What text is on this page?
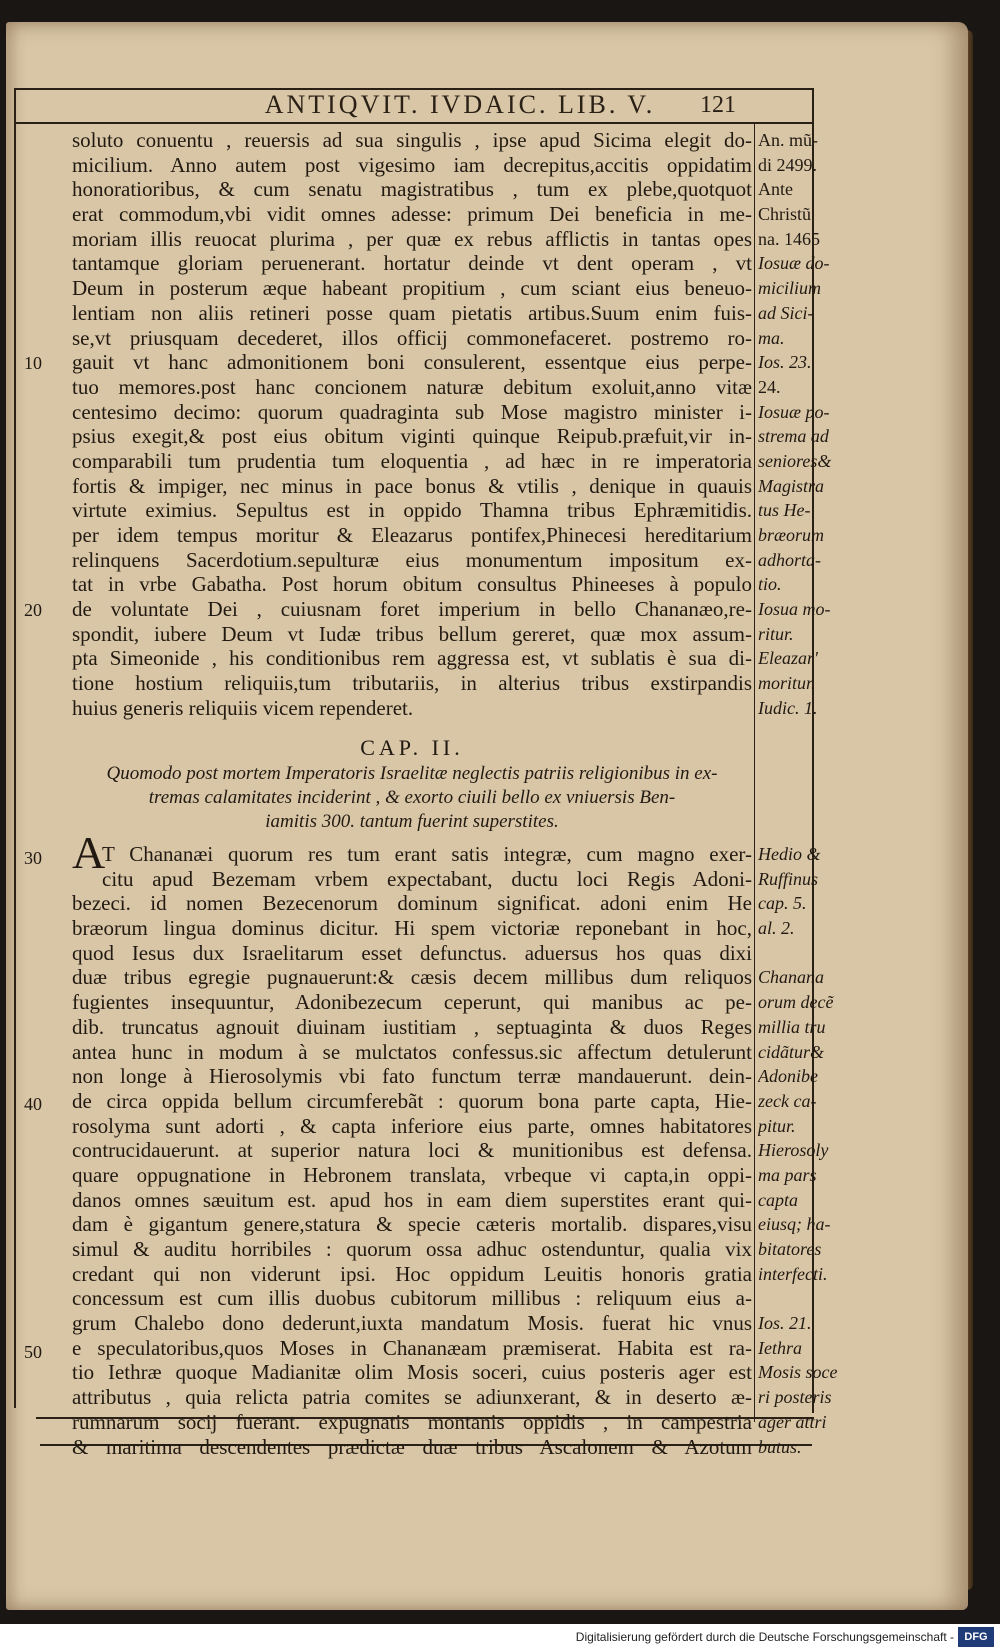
ANTIQVIT. IVDAIC. LIB. V.	121
10
20
30
40
50
soluto conuentu , reuersis ad sua singulis , ipse apud Sicima elegit do-
micilium. Anno autem post vigesimo iam decrepitus,accitis oppidatim
honoratioribus, & cum senatu magistratibus , tum ex plebe,quotquot
erat commodum,vbi vidit omnes adesse: primum Dei beneficia in me-
moriam illis reuocat plurima , per quæ ex rebus afflictis in tantas opes
tantamque gloriam peruenerant. hortatur deinde vt dent operam , vt
Deum in posterum æque habeant propitium , cum sciant eius beneuo-
lentiam non aliis retineri posse quam pietatis artibus.Suum enim fuis-
se,vt priusquam decederet, illos officij commonefaceret. postremo ro-
gauit vt hanc admonitionem boni consulerent, essentque eius perpe-
tuo memores.post hanc concionem naturæ debitum exoluit,anno vitæ
centesimo decimo: quorum quadraginta sub Mose magistro minister i-
psius exegit,& post eius obitum viginti quinque Reipub.præfuit,vir in-
comparabili tum prudentia tum eloquentia , ad hæc in re imperatoria
fortis & impiger, nec minus in pace bonus & vtilis , denique in quauis
virtute eximius. Sepultus est in oppido Thamna tribus Ephræmitidis.
per idem tempus moritur & Eleazarus pontifex,Phinecesi hereditarium
relinquens Sacerdotium.sepulturæ eius monumentum impositum ex-
tat in vrbe Gabatha. Post horum obitum consultus Phineeses à populo
de voluntate Dei , cuiusnam foret imperium in bello Chananæo,re-
spondit, iubere Deum vt Iudæ tribus bellum gereret, quæ mox assum-
pta Simeonide , his conditionibus rem aggressa est, vt sublatis è sua di-
tione hostium reliquiis,tum tributariis, in alterius tribus exstirpandis
huius generis reliquiis vicem rependeret.
An. mũ-
di 2499.
Ante
Christũ
na. 1465
Iosuæ do-
micilium
ad Sici-
ma.
Ios. 23.
24.
Iosuæ po-
strema ad
seniores&
Magistra
tus He-
bræorum
adhorta-
tio.
Iosua mo-
ritur.
Eleazar'
moritur.
Iudic. 1.
CAP. II.
Quomodo post mortem Imperatoris Israelitæ neglectis patriis religionibus in ex-
tremas calamitates inciderint , & exorto ciuili bello ex vniuersis Ben-
iamitis 300. tantum fuerint superstites.
A
T Chananæi quorum res tum erant satis integræ, cum magno exer-
citu apud Bezemam vrbem expectabant, ductu loci Regis Adoni-
bezeci. id nomen Bezecenorum dominum significat. adoni enim He
bræorum lingua dominus dicitur. Hi spem victoriæ reponebant in hoc,
quod Iesus dux Israelitarum esset defunctus. aduersus hos quas dixi
duæ tribus egregie pugnauerunt:& cæsis decem millibus dum reliquos
fugientes insequuntur, Adonibezecum ceperunt, qui manibus ac pe-
dib. truncatus agnouit diuinam iustitiam , septuaginta & duos Reges
antea hunc in modum à se mulctatos confessus.sic affectum detulerunt
non longe à Hierosolymis vbi fato functum terræ mandauerunt. dein-
de circa oppida bellum circumferebãt : quorum bona parte capta, Hie-
rosolyma sunt adorti , & capta inferiore eius parte, omnes habitatores
contrucidauerunt. at superior natura loci & munitionibus est defensa.
quare oppugnatione in Hebronem translata, vrbeque vi capta,in oppi-
danos omnes sæuitum est. apud hos in eam diem superstites erant qui-
dam è gigantum genere,statura & specie cæteris mortalib. dispares,visu
simul & auditu horribiles : quorum ossa adhuc ostenduntur, qualia vix
credant qui non viderunt ipsi. Hoc oppidum Leuitis honoris gratia
concessum est cum illis duobus cubitorum millibus : reliquum eius a-
grum Chalebo dono dederunt,iuxta mandatum Mosis. fuerat hic vnus
e speculatoribus,quos Moses in Chananæam præmiserat. Habita est ra-
tio Iethræ quoque Madianitæ olim Mosis soceri, cuius posteris ager est
attributus , quia relicta patria comites se adiunxerant, & in deserto æ-
rumnarum socij fuerant. expugnatis montanis oppidis , in campestria
& maritima descendentes prædictæ duæ tribus Ascalonem & Azotum
Hedio &
Ruffinus
cap. 5.
al. 2.
Chanana
orum decẽ
millia tru
cidãtur&
Adonibe
zeck ca-
pitur.
Hierosoly
ma pars
capta
eiusq; ha-
bitatores
interfecti.
Ios. 21.
Iethra
Mosis soce
ri posteris
ager attri
butus.
Digitalisierung gefördert durch die Deutsche Forschungsgemeinschaft - DFG
